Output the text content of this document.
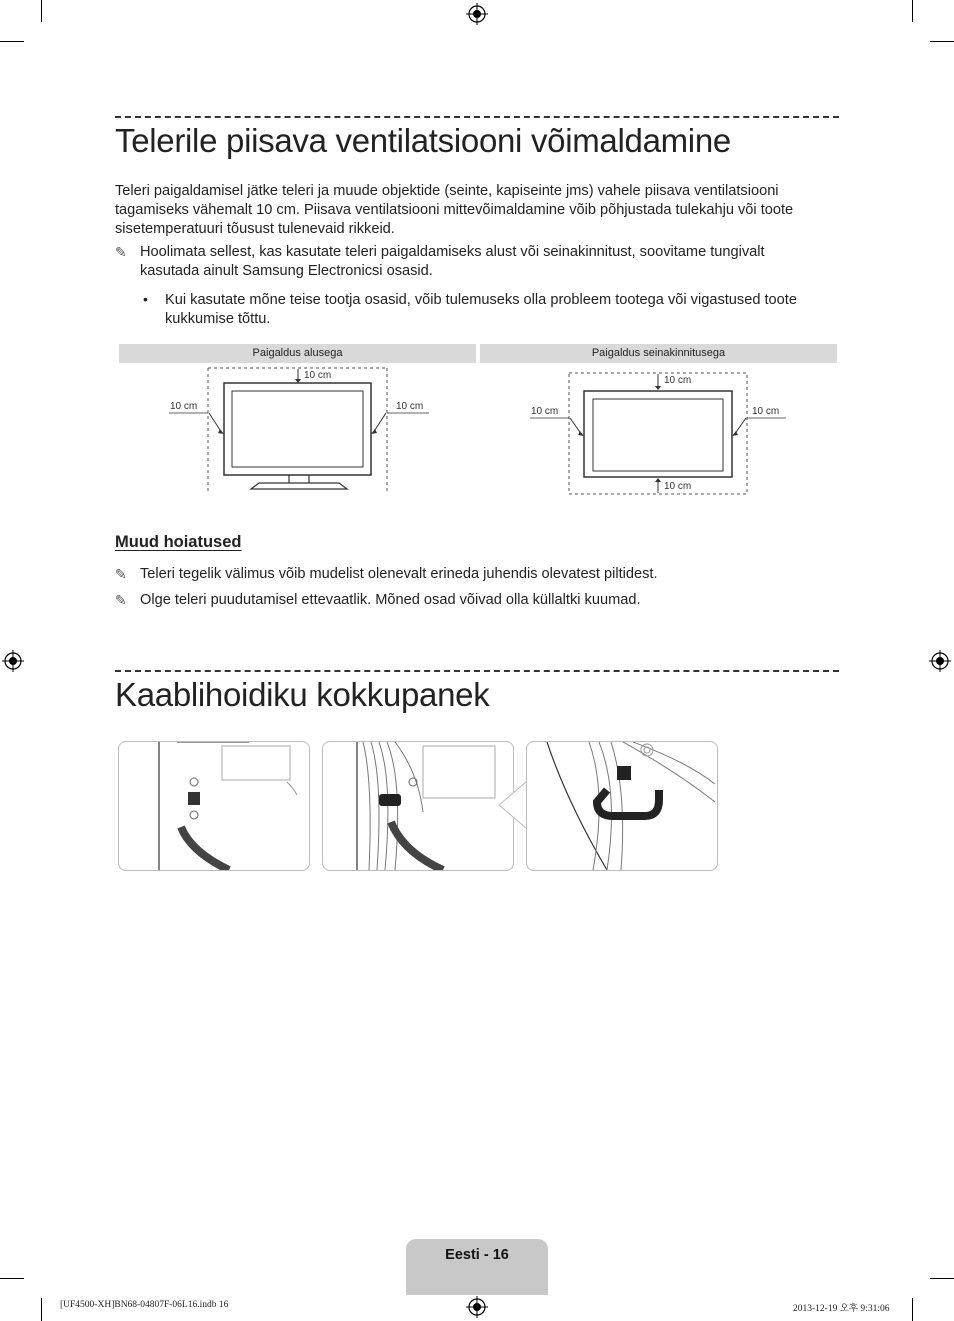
Telerile piisava ventilatsiooni võimaldamine
Teleri paigaldamisel jätke teleri ja muude objektide (seinte, kapiseinte jms) vahele piisava ventilatsiooni
tagamiseks vähemalt 10 cm. Piisava ventilatsiooni mittevõimaldamine võib põhjustada tulekahju või toote
sisetemperatuuri tõusust tulenevaid rikkeid.
✎ Hoolimata sellest, kas kasutate teleri paigaldamiseks alust või seinakinnitust, soovitame tungivalt
kasutada ainult Samsung Electronicsi osasid.
• Kui kasutate mõne teise tootja osasid, võib tulemuseks olla probleem tootega või vigastused toote
kukkumise tõttu.
Paigaldus alusega	Paigaldus seinakinnitusega
10 cm
10 cm	10 cm
10 cm
10 cm	10 cm
10 cm
Muud hoiatused
✎ Teleri tegelik välimus võib mudelist olenevalt erineda juhendis olevatest piltidest.
✎ Olge teleri puudutamisel ettevaatlik. Mõned osad võivad olla küllaltki kuumad.
Kaablihoidiku kokkupanek
Eesti - 16
[UF4500-XH]BN68-04807F-06L16.indb 16	2013-12-19 오후 9:31:06
